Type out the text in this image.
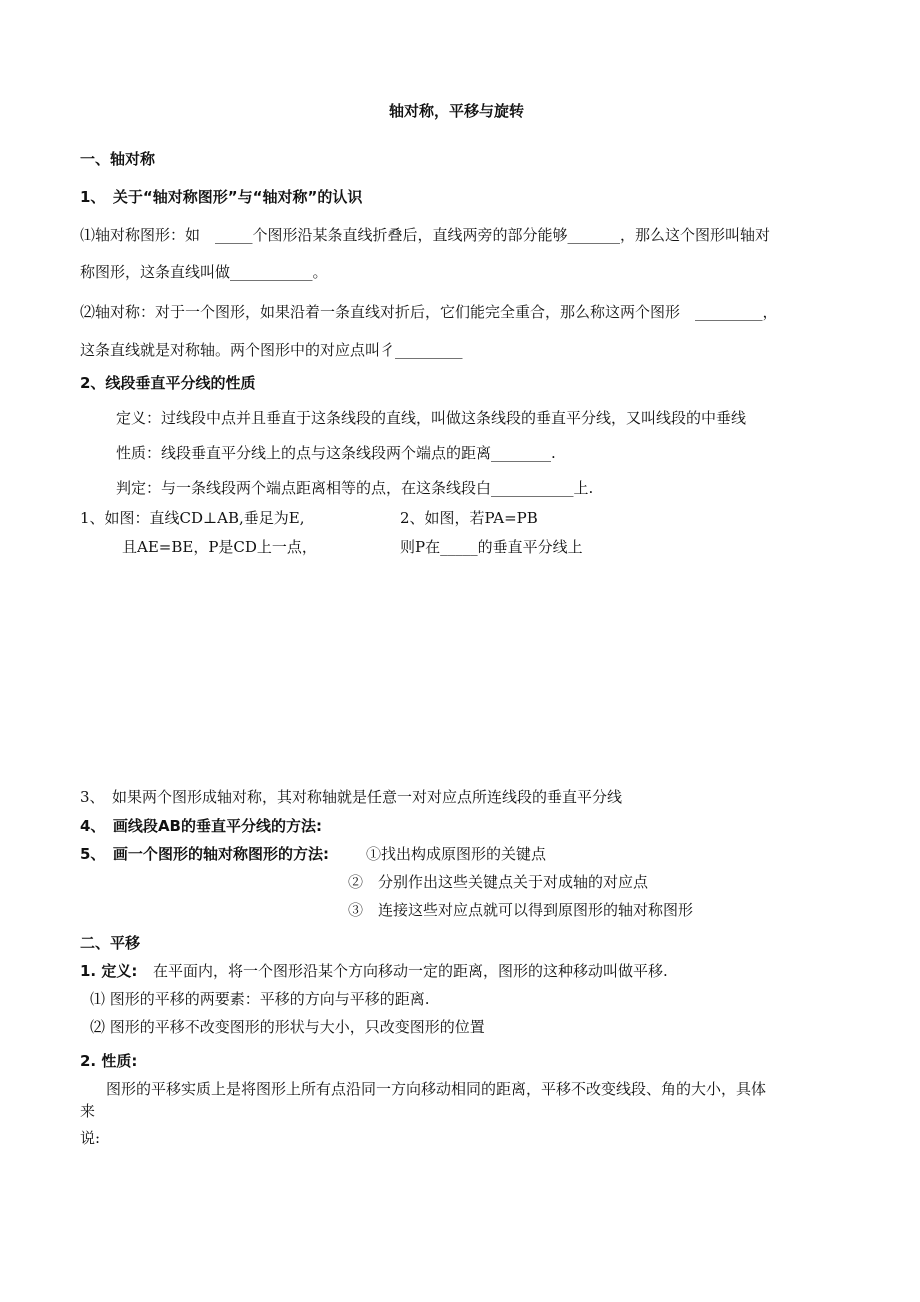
轴对称，平移与旋转
一、轴对称
1、　关于“轴对称图形”与“轴对称”的认识
⑴轴对称图形：如　_____个图形沿某条直线折叠后，直线两旁的部分能够_______，那么这个图形叫轴对
称图形，这条直线叫做___________。
⑵轴对称：对于一个图形，如果沿着一条直线对折后，它们能完全重合，那么称这两个图形　_________，
这条直线就是对称轴。两个图形中的对应点叫彳_________
2、线段垂直平分线的性质
定义：过线段中点并且垂直于这条线段的直线，叫做这条线段的垂直平分线，又叫线段的中垂线
性质：线段垂直平分线上的点与这条线段两个端点的距离________.
判定：与一条线段两个端点距离相等的点，在这条线段白___________上.
1、如图：直线CD⊥AB,垂足为E,
且AE=BE，P是CD上一点，
2、如图，若PA=PB
则P在_____的垂直平分线上
3、　如果两个图形成轴对称，其对称轴就是任意一对对应点所连线段的垂直平分线
4、　画线段AB的垂直平分线的方法:
5、　画一个图形的轴对称图形的方法: ①找出构成原图形的关键点
②　分别作出这些关键点关于对成轴的对应点
③　连接这些对应点就可以得到原图形的轴对称图形
二、平移
1. 定义: 在平面内，将一个图形沿某个方向移动一定的距离，图形的这种移动叫做平移.
⑴ 图形的平移的两要素：平移的方向与平移的距离.
⑵ 图形的平移不改变图形的形状与大小，只改变图形的位置
2. 性质:
图形的平移实质上是将图形上所有点沿同一方向移动相同的距离，平移不改变线段、角的大小，具体
来
说:
